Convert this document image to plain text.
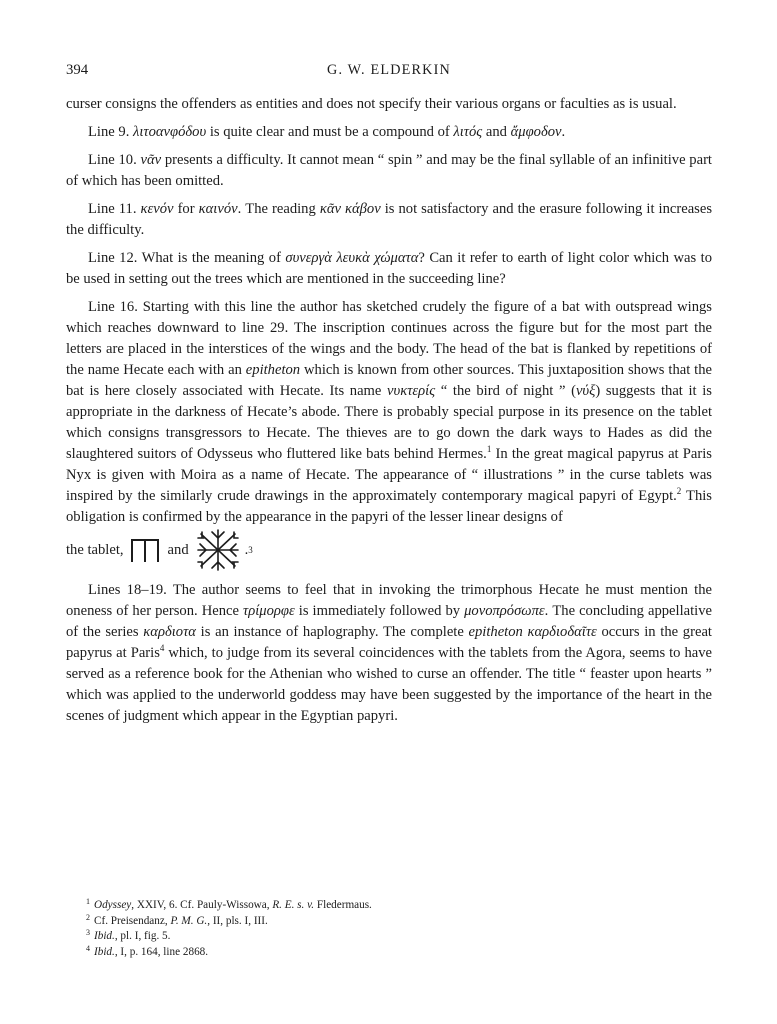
394	G. W. ELDERKIN

curser consigns the offenders as entities and does not specify their various organs or faculties as is usual.

Line 9. λιτοανφόδου is quite clear and must be a compound of λιτός and ἄμφοδον.

Line 10. νᾶν presents a difficulty. It cannot mean “ spin ” and may be the final syllable of an infinitive part of which has been omitted.

Line 11. κενόν for καινόν. The reading κᾶν κάβον is not satisfactory and the erasure following it increases the difficulty.

Line 12. What is the meaning of συνεργὰ λευκὰ χώματα? Can it refer to earth of light color which was to be used in setting out the trees which are mentioned in the succeeding line?

Line 16. Starting with this line the author has sketched crudely the figure of a bat with outspread wings which reaches downward to line 29. The inscription continues across the figure but for the most part the letters are placed in the interstices of the wings and the body. The head of the bat is flanked by repetitions of the name Hecate each with an epitheton which is known from other sources. This juxtaposition shows that the bat is here closely associated with Hecate. Its name νυκτερίς “ the bird of night ” (νύξ) suggests that it is appropriate in the darkness of Hecate’s abode. There is probably special purpose in its presence on the tablet which consigns transgressors to Hecate. The thieves are to go down the dark ways to Hades as did the slaughtered suitors of Odysseus who fluttered like bats behind Hermes.$^1$ In the great magical papyrus at Paris Nyx is given with Moira as a name of Hecate. The appearance of “ illustrations ” in the curse tablets was inspired by the similarly crude drawings in the approximately contemporary magical papyri of Egypt.$^2$ This obligation is confirmed by the appearance in the papyri of the lesser linear designs of

the tablet,	and	. 3

Lines 18–19. The author seems to feel that in invoking the trimorphous Hecate he must mention the oneness of her person. Hence τρίμορφε is immediately followed by μονοπρόσωπε. The concluding appellative of the series καρδιοτα is an instance of haplography. The complete epitheton καρδιοδαῖτε occurs in the great papyrus at Paris$^4$ which, to judge from its several coincidences with the tablets from the Agora, seems to have served as a reference book for the Athenian who wished to curse an offender. The title “ feaster upon hearts ” which was applied to the underworld goddess may have been suggested by the importance of the heart in the scenes of judgment which appear in the Egyptian papyri.

$^1$ Odyssey, XXIV, 6. Cf. Pauly-Wissowa, R. E. s. v. Fledermaus.
$^2$ Cf. Preisendanz, P. M. G., II, pls. I, III.
$^3$ Ibid., pl. I, fig. 5.
$^4$ Ibid., I, p. 164, line 2868.
